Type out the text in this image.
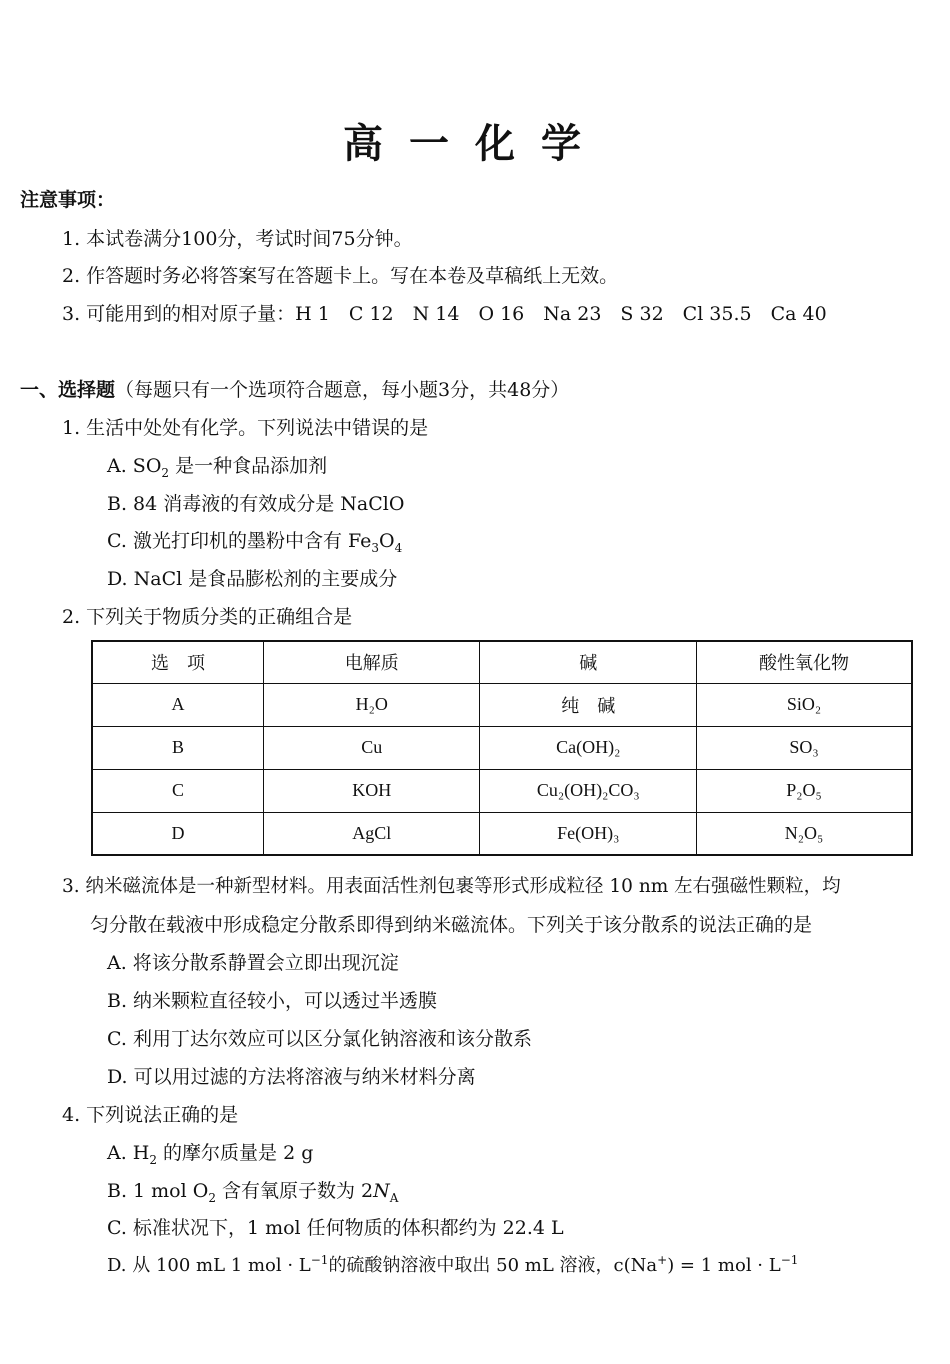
高一化学
注意事项：
1. 本试卷满分100分，考试时间75分钟。
2. 作答题时务必将答案写在答题卡上。写在本卷及草稿纸上无效。
3. 可能用到的相对原子量：H 1　C 12　N 14　O 16　Na 23　S 32　Cl 35.5　Ca 40
一、选择题（每题只有一个选项符合题意，每小题3分，共48分）
1. 生活中处处有化学。下列说法中错误的是
A. $SO_2$ 是一种食品添加剂
B. 84 消毒液的有效成分是 NaClO
C. 激光打印机的墨粉中含有 $Fe_3O_4$
D. NaCl 是食品膨松剂的主要成分
2. 下列关于物质分类的正确组合是
选　项	电解质	碱	酸性氧化物
A	H₂O	纯　碱	SiO₂
B	Cu	Ca(OH)₂	SO₃
C	KOH	Cu₂(OH)₂CO₃	P₂O₅
D	AgCl	Fe(OH)₃	N₂O₅
3. 纳米磁流体是一种新型材料。用表面活性剂包裹等形式形成粒径 10 nm 左右强磁性颗粒，均
匀分散在载液中形成稳定分散系即得到纳米磁流体。下列关于该分散系的说法正确的是
A. 将该分散系静置会立即出现沉淀
B. 纳米颗粒直径较小，可以透过半透膜
C. 利用丁达尔效应可以区分氯化钠溶液和该分散系
D. 可以用过滤的方法将溶液与纳米材料分离
4. 下列说法正确的是
A. $H_2$ 的摩尔质量是 2 g
B. 1 mol $O_2$ 含有氧原子数为 $2N_A$
C. 标准状况下，1 mol 任何物质的体积都约为 22.4 L
D. 从 100 mL 1 mol · $L^{-1}$的硫酸钠溶液中取出 50 mL 溶液，c(Na+) = 1 mol · $L^{-1}$
